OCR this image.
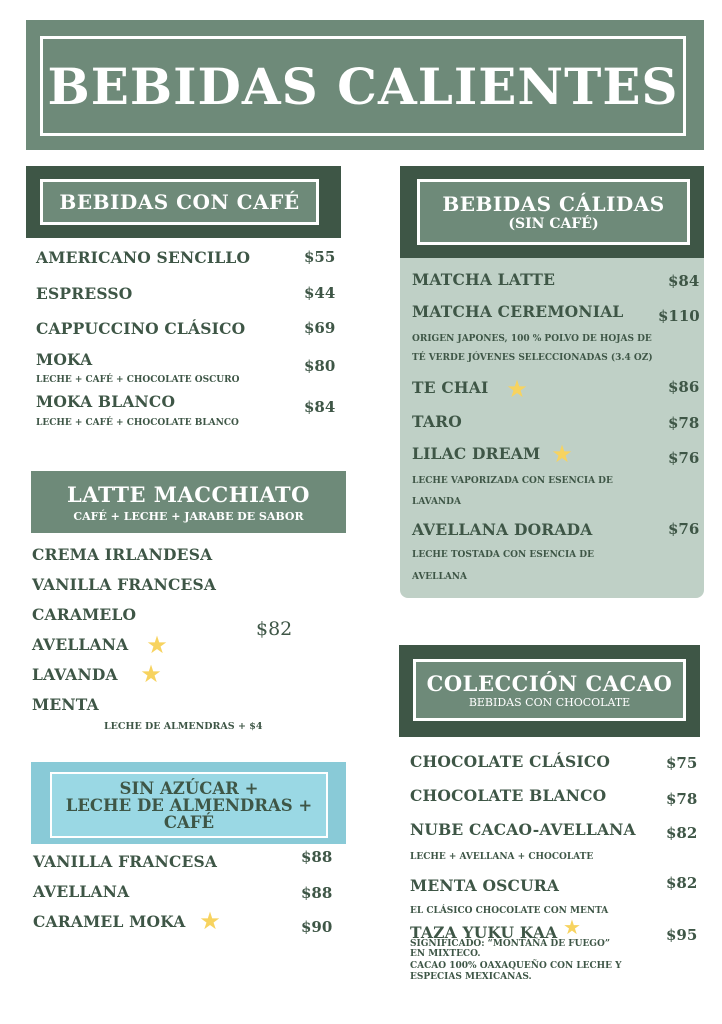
BEBIDAS CALIENTES
BEBIDAS CON CAFÉ
AMERICANO SENCILLO	$55
ESPRESSO	$44
CAPPUCCINO CLÁSICO	$69
MOKA	$80
LECHE + CAFÉ + CHOCOLATE OSCURO
MOKA BLANCO	$84
LECHE + CAFÉ + CHOCOLATE BLANCO
LATTE MACCHIATO
CAFÉ + LECHE + JARABE DE SABOR
CREMA IRLANDESA
VANILLA FRANCESA
CARAMELO
AVELLANA ★
LAVANDA ★
MENTA
$82
LECHE DE ALMENDRAS + $4
SIN AZÚCAR +
LECHE DE ALMENDRAS +
CAFÉ
VANILLA FRANCESA	$88
AVELLANA	$88
CARAMEL MOKA ★	$90
BEBIDAS CÁLIDAS
(SIN CAFÉ)
MATCHA LATTE	$84
MATCHA CEREMONIAL $110
ORIGEN JAPONES, 100 % POLVO DE HOJAS DE
TÉ VERDE JÓVENES SELECCIONADAS (3.4 OZ)
TE CHAI ★	$86
TARO	$78
LILAC DREAM ★	$76
LECHE VAPORIZADA CON ESENCIA DE
LAVANDA
AVELLANA DORADA	$76
LECHE TOSTADA CON ESENCIA DE
AVELLANA
COLECCIÓN CACAO
BEBIDAS CON CHOCOLATE
CHOCOLATE CLÁSICO	$75
CHOCOLATE BLANCO	$78
NUBE CACAO-AVELLANA $82
LECHE + AVELLANA + CHOCOLATE
MENTA OSCURA	$82
EL CLÁSICO CHOCOLATE CON MENTA
TAZA YUKU KAA ★	$95
SIGNIFICADO: “MONTAÑA DE FUEGO”
EN MIXTECO.
CACAO 100% OAXAQUEÑO CON LECHE Y
ESPECIAS MEXICANAS.
